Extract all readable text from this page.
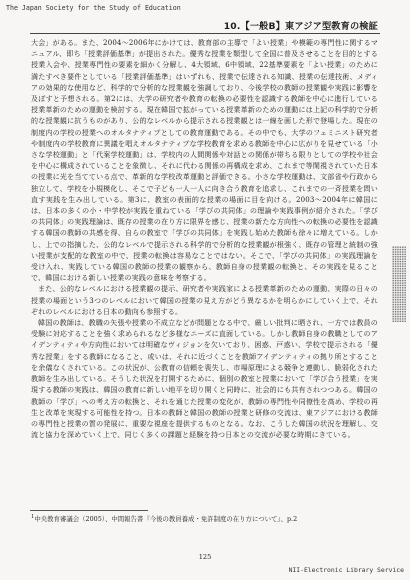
The Japan Society for the Study of Education
10.【一般B】東アジア型教育の検証

大会」がある。また、2004～2006年にかけては、教育部の主導で「よい授業」や模範の専門性に関するマニュアル、即ち「授業評価基準」が提出された。優秀な授業を類型して全国に普及させることを目的とする授業入会や、授業専門性の要素を細かく分解し、4大領域、6中領域、22基準要素を「よい授業」のために満たすべき要件としている「授業評価基準」はいずれも、授業で伝達される知識、授業の伝達技術、メディアの効果的な使用など、科学的で分析的な授業観を強調しており、今後学校の教師の授業観や実践に影響を及ぼすと予想される。第2には、大学の研究者や教育の転換の必要性を認識する教師を中心に進行している授業革新のための運動を検討する。現在韓国で拡がっている授業革新のための運動には上記の科学的で分析的な授業観に抗うものがあり、公的なレベルから提示される授業観とは一線を画した形で登場した。現在の制度内の学校の授業へのオルタナティブとしての教育運動である。その中でも、大学のフェミニスト研究者や制度内の学校教育に異議を唱えオルタナティブな学校教育を求める教師を中心に広がりを見せている「小さな学校運動」と「代案学校運動」は、学校内の人間関係や対話との関係が帯ちる限りとしての学校や社会を中心に構成されていることを象徴し、それに代わる関係の再構成を求め、これまで等閑視されていた日本の授業に光を当てている点で、革新的な学校改革運動と評価できる。小さな学校運動は、文部省や行政から独立して、学校を小規模化し、そこで子ども一人一人に向き合う教育を追求し、これまでの一斉授業を問い直す実践を生み出している。第3に、教室の表面的な授業の場面に目を向ける。2003～2004年に韓国には、日本の多くの小・中学校が実践を重ねている「学びの共同体」の理論や実践事例が紹介された。「学びの共同体」の実践理論は、既存の授業の在り方に限界を感じ、授業の新たな方向性への転換の必要性を認識する韓国の教師の共感を得、自らの教室で「学びの共同体」を実践し始めた教師も徐々に増えている。しかし、上での指摘した、公的なレベルで提示される科学的で分析的な授業観が根強く、既存の管理と統制の強い授業が支配的な教室の中で、授業の転換は容易なことではない。そこで、「学びの共同体」の実践理論を受け入れ、実践している韓国の教師の授業の観察から、教師自身の授業観の転換と、その実践を見ることで、韓国における新しい授業の実践の意味を考察する。

また、公的なレベルにおける授業観の提示、研究者や実践家による授業革新のための運動、実際の日々の授業の場面という3つのレベルにおいて韓国の授業の見え方がどう異なるかを明らかにしていく上で、それぞれのレベルにおける日本の動向も参照する。

韓国の教師は、教職の矢張や授業の不成立などが問題となる中で、厳しい批判に晒され、一方では教員の受験に対応することを強く求められるなど多様なニーズに直面している。しかし教師自身の教職としてのアイデンティティや方向性においては明確なヴィジョンを欠いており、困惑、戸惑い、学校で提示される「優秀な授業」をする教師になること、或いは、それに近づくことを教師アイデンティティの拠り所とすることを余儀なくされている。この状況が、公教育の信頼を喪失し、市場原理による競争と連動し、脆弱化された教師を生み出している。そうした状況を打開するために、個別の教室と授業において「学び合う授業」を実現する教師の実践は、韓国の教育に新しい地平を切り開くと同時に、社会的にも共有されつつある。韓国の教師の「学び」への考え方の転換と、それを通じた授業の変化が、教師の専門性や同僚性を高め、学校の再生と改革を実現する可能性を持つ。日本の教師と韓国の教師の授業と研修の交流は、東アジアにおける教師の専門性と授業の質の発展に、重要な視座を提供するものとなる。なお、こうした韓国の状況を理解し、交流と協力を深めていく上で、同じく多くの課題と経験を持つ日本との交流が必要な時期にきている。

$^1$中央教育審議会（2005）、中間報告書『今後の教員養成・免許制度の在り方について』、p.2
125
NII-Electronic Library Service
